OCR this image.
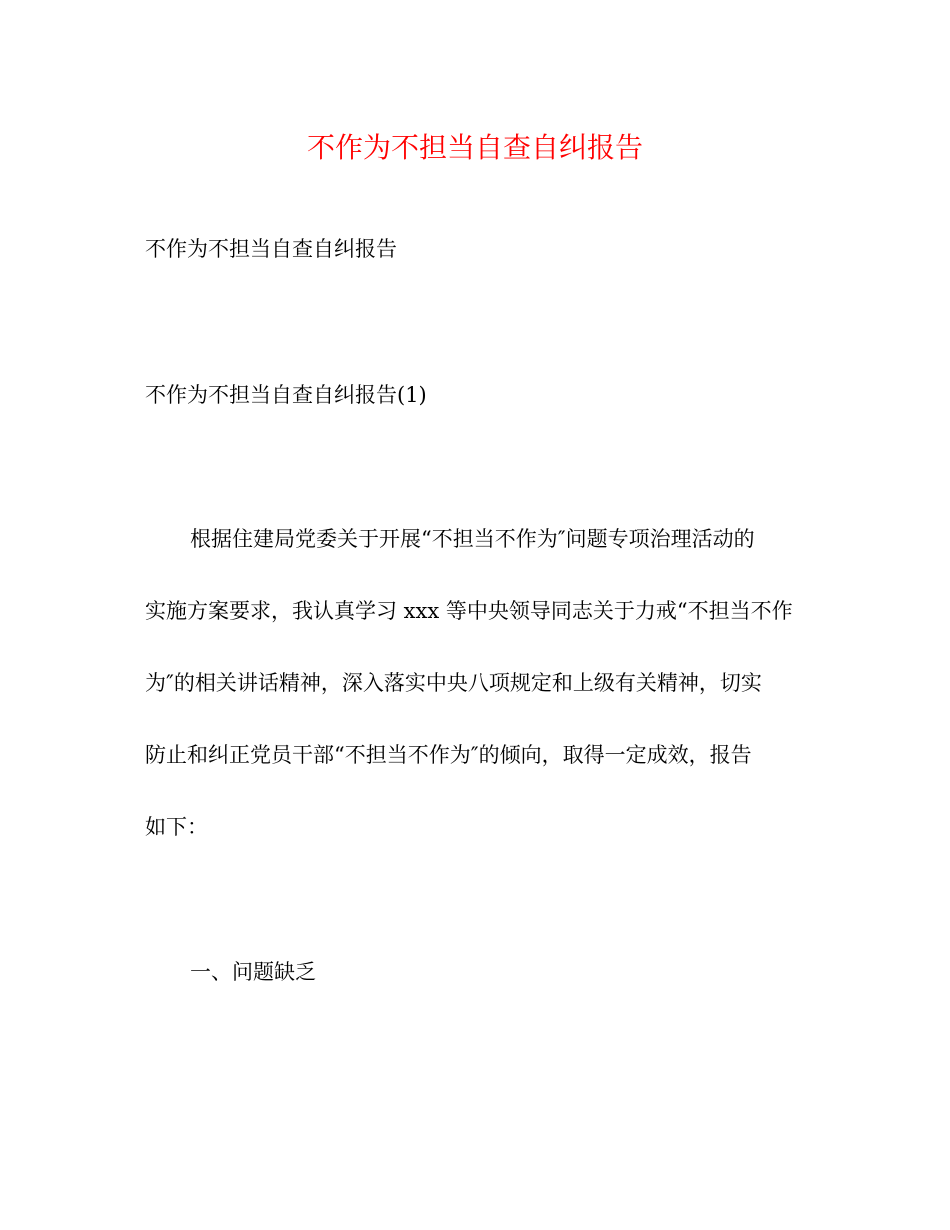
不作为不担当自查自纠报告
不作为不担当自查自纠报告
不作为不担当自查自纠报告(1)
根据住建局党委关于开展“不担当不作为″问题专项治理活动的
实施方案要求，我认真学习 xxx 等中央领导同志关于力戒“不担当不作
为″的相关讲话精神，深入落实中央八项规定和上级有关精神，切实
防止和纠正党员干部“不担当不作为″的倾向，取得一定成效，报告
如下：
一、问题缺乏
